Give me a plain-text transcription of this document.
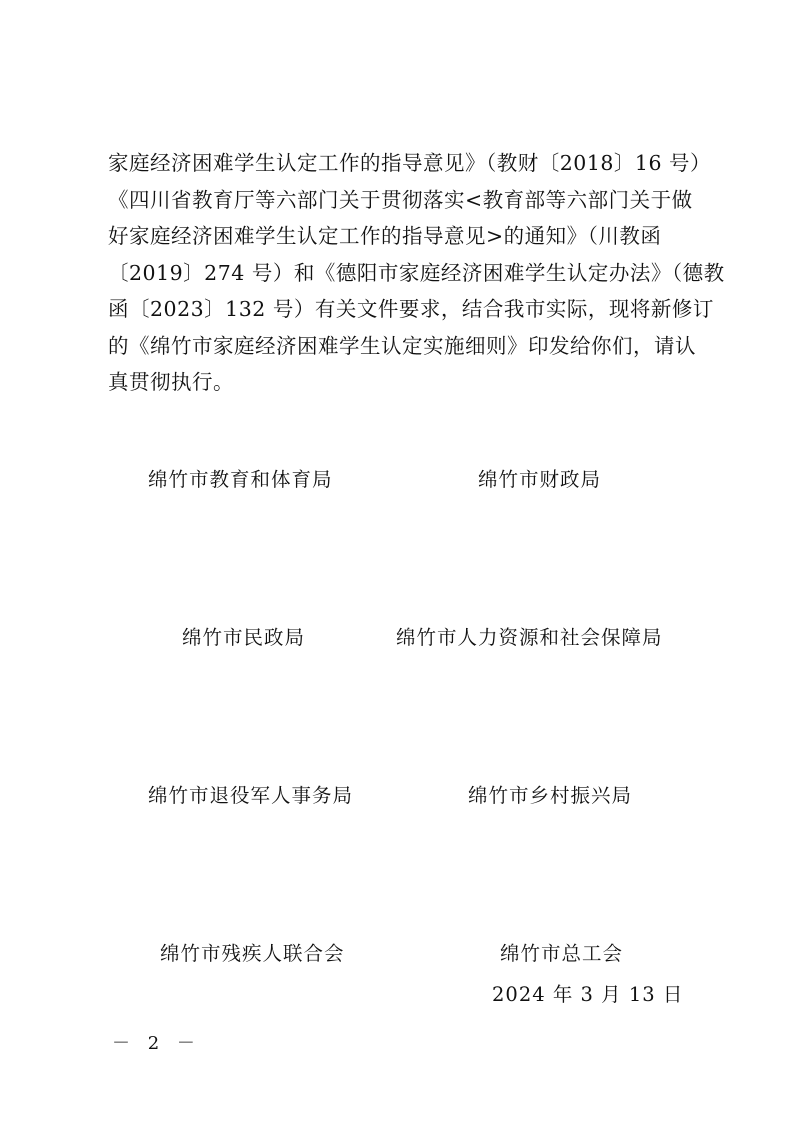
家庭经济困难学生认定工作的指导意见》（教财〔2018〕16 号）
《四川省教育厅等六部门关于贯彻落实<教育部等六部门关于做
好家庭经济困难学生认定工作的指导意见>的通知》（川教函
〔2019〕274 号）和《德阳市家庭经济困难学生认定办法》（德教
函〔2023〕132 号）有关文件要求，结合我市实际，现将新修订
的《绵竹市家庭经济困难学生认定实施细则》印发给你们，请认
真贯彻执行。

绵竹市教育和体育局	绵竹市财政局
绵竹市民政局	绵竹市人力资源和社会保障局
绵竹市退役军人事务局	绵竹市乡村振兴局
绵竹市残疾人联合会	绵竹市总工会
2024 年 3 月 13 日
－ 2 －
